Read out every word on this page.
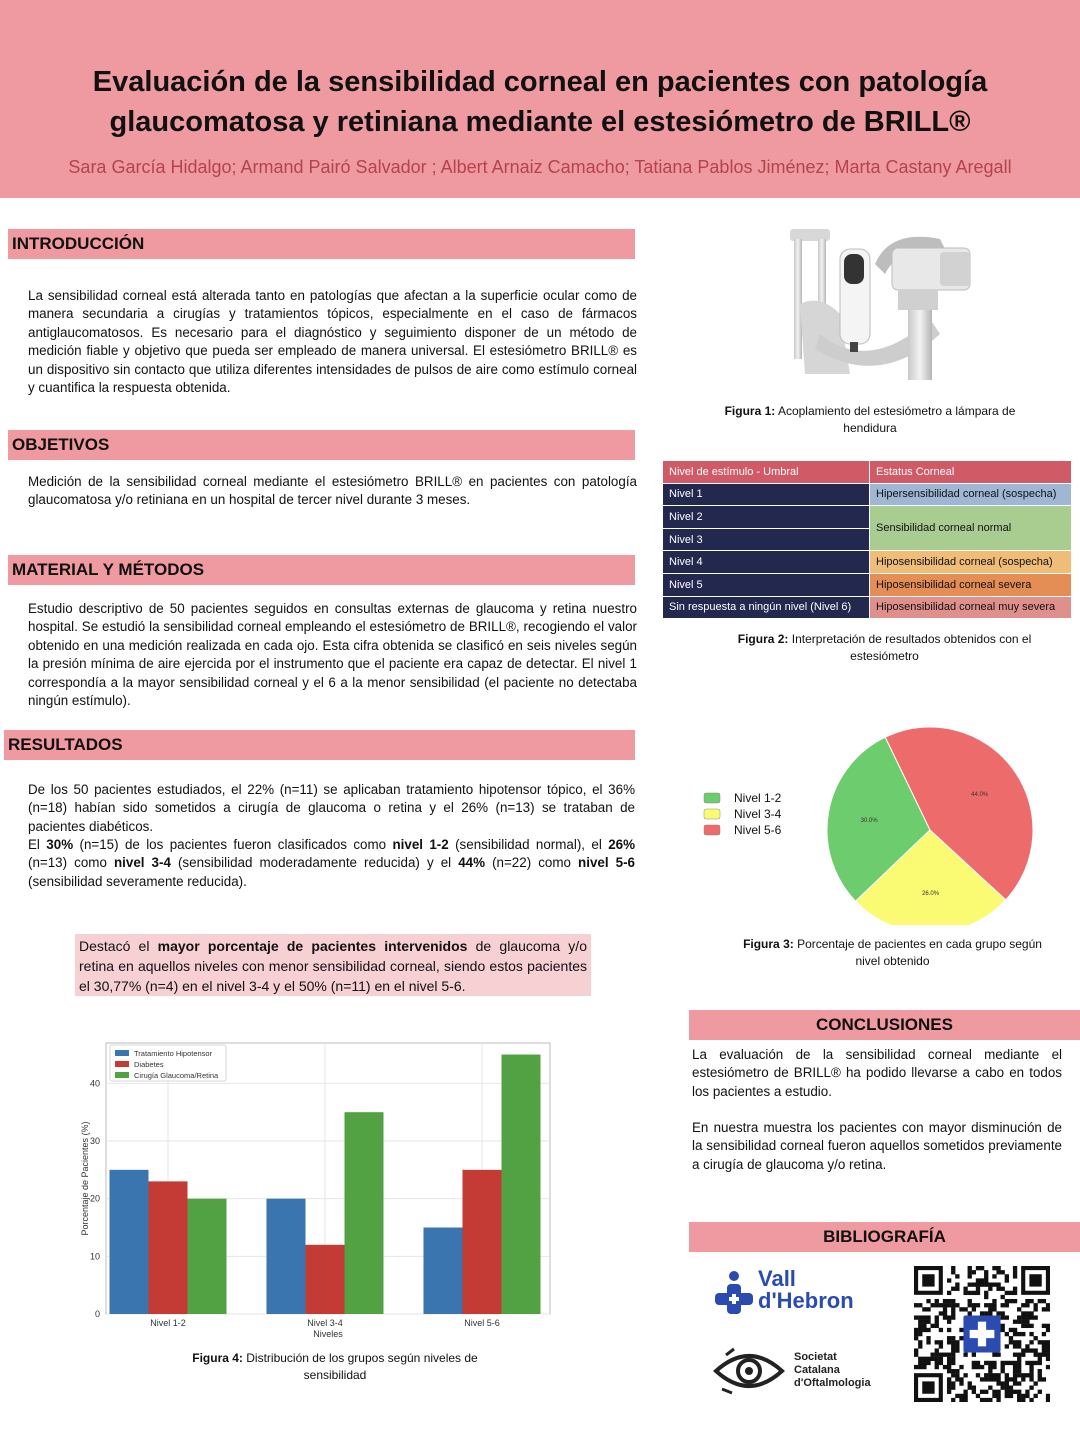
Evaluación de la sensibilidad corneal en pacientes con patología glaucomatosa y retiniana mediante el estesiómetro de BRILL®
Sara García Hidalgo; Armand Pairó Salvador ; Albert Arnaiz Camacho; Tatiana Pablos Jiménez; Marta Castany Aregall
INTRODUCCIÓN
La sensibilidad corneal está alterada tanto en patologías que afectan a la superficie ocular como de manera secundaria a cirugías y tratamientos tópicos, especialmente en el caso de fármacos antiglaucomatosos. Es necesario para el diagnóstico y seguimiento disponer de un método de medición fiable y objetivo que pueda ser empleado de manera universal. El estesiómetro BRILL® es un dispositivo sin contacto que utiliza diferentes intensidades de pulsos de aire como estímulo corneal y cuantifica la respuesta obtenida.
OBJETIVOS
Medición de la sensibilidad corneal mediante el estesiómetro BRILL® en pacientes con patología glaucomatosa y/o retiniana en un hospital de tercer nivel durante 3 meses.
MATERIAL Y MÉTODOS
Estudio descriptivo de 50 pacientes seguidos en consultas externas de glaucoma y retina nuestro hospital. Se estudió la sensibilidad corneal empleando el estesiómetro de BRILL®, recogiendo el valor obtenido en una medición realizada en cada ojo. Esta cifra obtenida se clasificó en seis niveles según la presión mínima de aire ejercida por el instrumento que el paciente era capaz de detectar. El nivel 1 correspondía a la mayor sensibilidad corneal y el 6 a la menor sensibilidad (el paciente no detectaba ningún estímulo).
RESULTADOS
De los 50 pacientes estudiados, el 22% (n=11) se aplicaban tratamiento hipotensor tópico, el 36% (n=18) habían sido sometidos a cirugía de glaucoma o retina y el 26% (n=13) se trataban de pacientes diabéticos.
El 30% (n=15) de los pacientes fueron clasificados como nivel 1-2 (sensibilidad normal), el 26% (n=13) como nivel 3-4 (sensibilidad moderadamente reducida) y el 44% (n=22) como nivel 5-6 (sensibilidad severamente reducida).
Destacó el mayor porcentaje de pacientes intervenidos de glaucoma y/o retina en aquellos niveles con menor sensibilidad corneal, siendo estos pacientes el 30,77% (n=4) en el nivel 3-4 y el 50% (n=11) en el nivel 5-6.
0
10
20
30
40
Nivel 1-2	Nivel 3-4	Nivel 5-6
Niveles
Porcentaje de Pacientes (%)
Tratamiento Hipotensor
Diabetes
Cirugía Glaucoma/Retina
Figura 4: Distribución de los grupos según niveles de sensibilidad
Figura 1: Acoplamiento del estesiómetro a lámpara de hendidura
Nivel de estímulo - Umbral	Estatus Corneal
Nivel 1	Hipersensibilidad corneal (sospecha)
Nivel 2	Sensibilidad corneal normal
Nivel 3	
Nivel 4	Hiposensibilidad corneal (sospecha)
Nivel 5	Hiposensibilidad corneal severa
Sin respuesta a ningún nivel (Nivel 6)	Hiposensibilidad corneal muy severa
Figura 2: Interpretación de resultados obtenidos con el estesiómetro
30.0%
26.0%
44.0%
Nivel 1-2
Nivel 3-4
Nivel 5-6
Figura 3: Porcentaje de pacientes en cada grupo según nivel obtenido
CONCLUSIONES
La evaluación de la sensibilidad corneal mediante el estesiómetro de BRILL® ha podido llevarse a cabo en todos los pacientes a estudio.
En nuestra muestra los pacientes con mayor disminución de la sensibilidad corneal fueron aquellos sometidos previamente a cirugía de glaucoma y/o retina.
BIBLIOGRAFÍA
Vall
d'Hebron
Societat
Catalana
d'Oftalmologia
